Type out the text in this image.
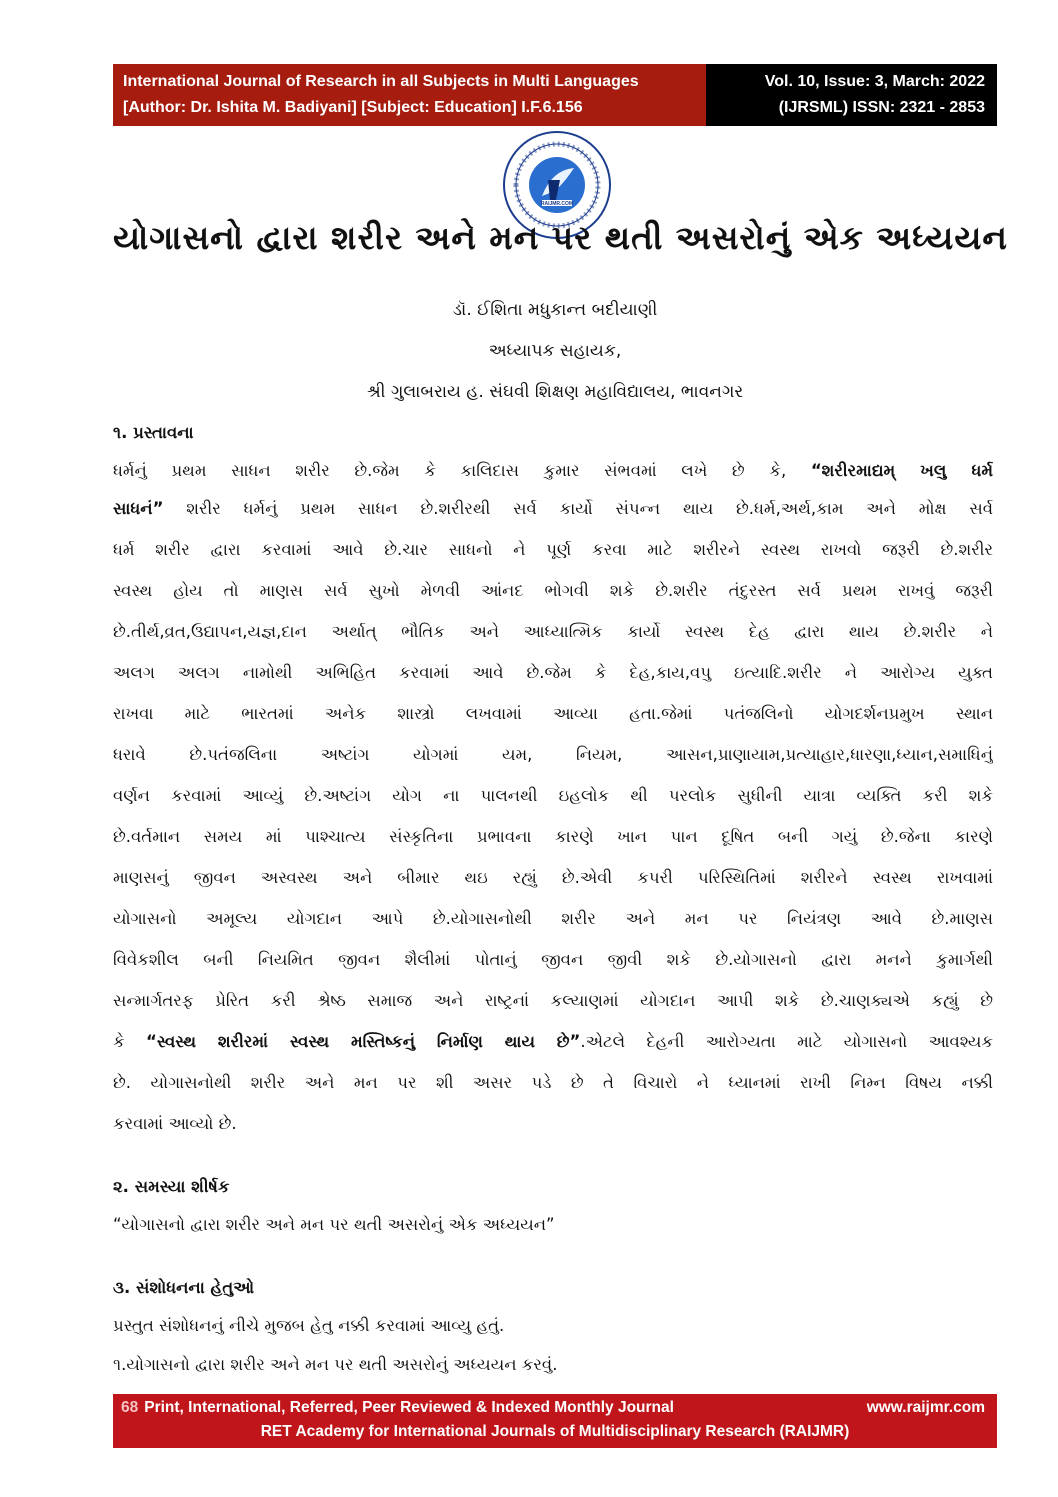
International Journal of Research in all Subjects in Multi Languages
[Author: Dr. Ishita M. Badiyani] [Subject: Education] I.F.6.156
Vol. 10, Issue: 3, March: 2022
(IJRSML) ISSN: 2321 - 2853
RAIJMR.COM
યોગાસનો દ્વારા શરીર અને મન પર થતી અસરોનું એક અધ્યયન
ડૉ. ઈશિતા મધુકાન્ત બદીયાણી
અધ્યાપક સહાયક,
શ્રી ગુલાબરાય હ. સંઘવી શિક્ષણ મહાવિદ્યાલય, ભાવનગર
૧. પ્રસ્તાવના
ધર્મનું પ્રથમ સાધન શરીર છે.જેમ કે કાલિદાસ કુમાર સંભવમાં લખે છે કે, “શરીરમાદ્યમ્ ખલુ ધર્મ
સાધનં” શરીર ધર્મનું પ્રથમ સાધન છે.શરીરથી સર્વ કાર્યો સંપન્ન થાય છે.ધર્મ,અર્થ,કામ અને મોક્ષ સર્વ
ધર્મ શરીર દ્વારા કરવામાં આવે છે.ચાર સાધનો ને પૂર્ણ કરવા માટે શરીરને સ્વસ્થ રાખવો જરૂરી છે.શરીર
સ્વસ્થ હોય તો માણસ સર્વ સુખો મેળવી આંનદ ભોગવી શકે છે.શરીર તંદુરસ્ત સર્વ પ્રથમ રાખવું જરૂરી
છે.તીર્થ,વ્રત,ઉદ્યાપન,યજ્ઞ,દાન અર્થાત્ ભૌતિક અને આધ્યાત્મિક કાર્યો સ્વસ્થ દેહ દ્વારા થાય છે.શરીર ને
અલગ અલગ નામોથી અભિહિત કરવામાં આવે છે.જેમ કે દેહ,કાય,વપુ ઇત્યાદિ.શરીર ને આરોગ્ય યુક્ત
રાખવા માટે ભારતમાં અનેક શાસ્ત્રો લખવામાં આવ્યા હતા.જેમાં પતંજલિનો યોગદર્શનપ્રમુખ સ્થાન
ધરાવે છે.પતંજલિના અષ્ટાંગ યોગમાં યમ, નિયમ, આસન,પ્રાણાયામ,પ્રત્યાહાર,ધારણા,ધ્યાન,સમાધિનું
વર્ણન કરવામાં આવ્યું છે.અષ્ટાંગ યોગ ના પાલનથી ઇહલોક થી પરલોક સુધીની યાત્રા વ્યક્તિ કરી શકે
છે.વર્તમાન સમય માં પાશ્ચાત્ય સંસ્કૃતિના પ્રભાવના કારણે ખાન પાન દૂષિત બની ગયું છે.જેના કારણે
માણસનું જીવન અસ્વસ્થ અને બીમાર થઇ રહ્યું છે.એવી કપરી પરિસ્થિતિમાં શરીરને સ્વસ્થ રાખવામાં
યોગાસનો અમૂલ્ય યોગદાન આપે છે.યોગાસનોથી શરીર અને મન પર નિયંત્રણ આવે છે.માણસ
વિવેકશીલ બની નિયમિત જીવન શૈલીમાં પોતાનું જીવન જીવી શકે છે.યોગાસનો દ્વારા મનને કુમાર્ગથી
સન્માર્ગતરફ પ્રેરિત કરી શ્રેષ્ઠ સમાજ અને રાષ્ટ્રનાં કલ્યાણમાં યોગદાન આપી શકે છે.ચાણક્યએ કહ્યું છે
કે “સ્વસ્થ શરીરમાં સ્વસ્થ મસ્તિષ્કનું નિર્માણ થાય છે”.એટલે દેહની આરોગ્યતા માટે યોગાસનો આવશ્યક
છે. યોગાસનોથી શરીર અને મન પર શી અસર પડે છે તે વિચારો ને ધ્યાનમાં રાખી નિમ્ન વિષય નક્કી
કરવામાં આવ્યો છે.
૨. સમસ્યા શીર્ષક
“યોગાસનો દ્વારા શરીર અને મન પર થતી અસરોનું એક અધ્યયન”
૩. સંશોધનના હેતુઓ
પ્રસ્તુત સંશોધનનું નીચે મુજબ હેતુ નક્કી કરવામાં આવ્યુ હતું.
૧.યોગાસનો દ્વારા શરીર અને મન પર થતી અસરોનું અધ્યયન કરવું.
68 Print, International, Referred, Peer Reviewed & Indexed Monthly Journal	www.raijmr.com
RET Academy for International Journals of Multidisciplinary Research (RAIJMR)
